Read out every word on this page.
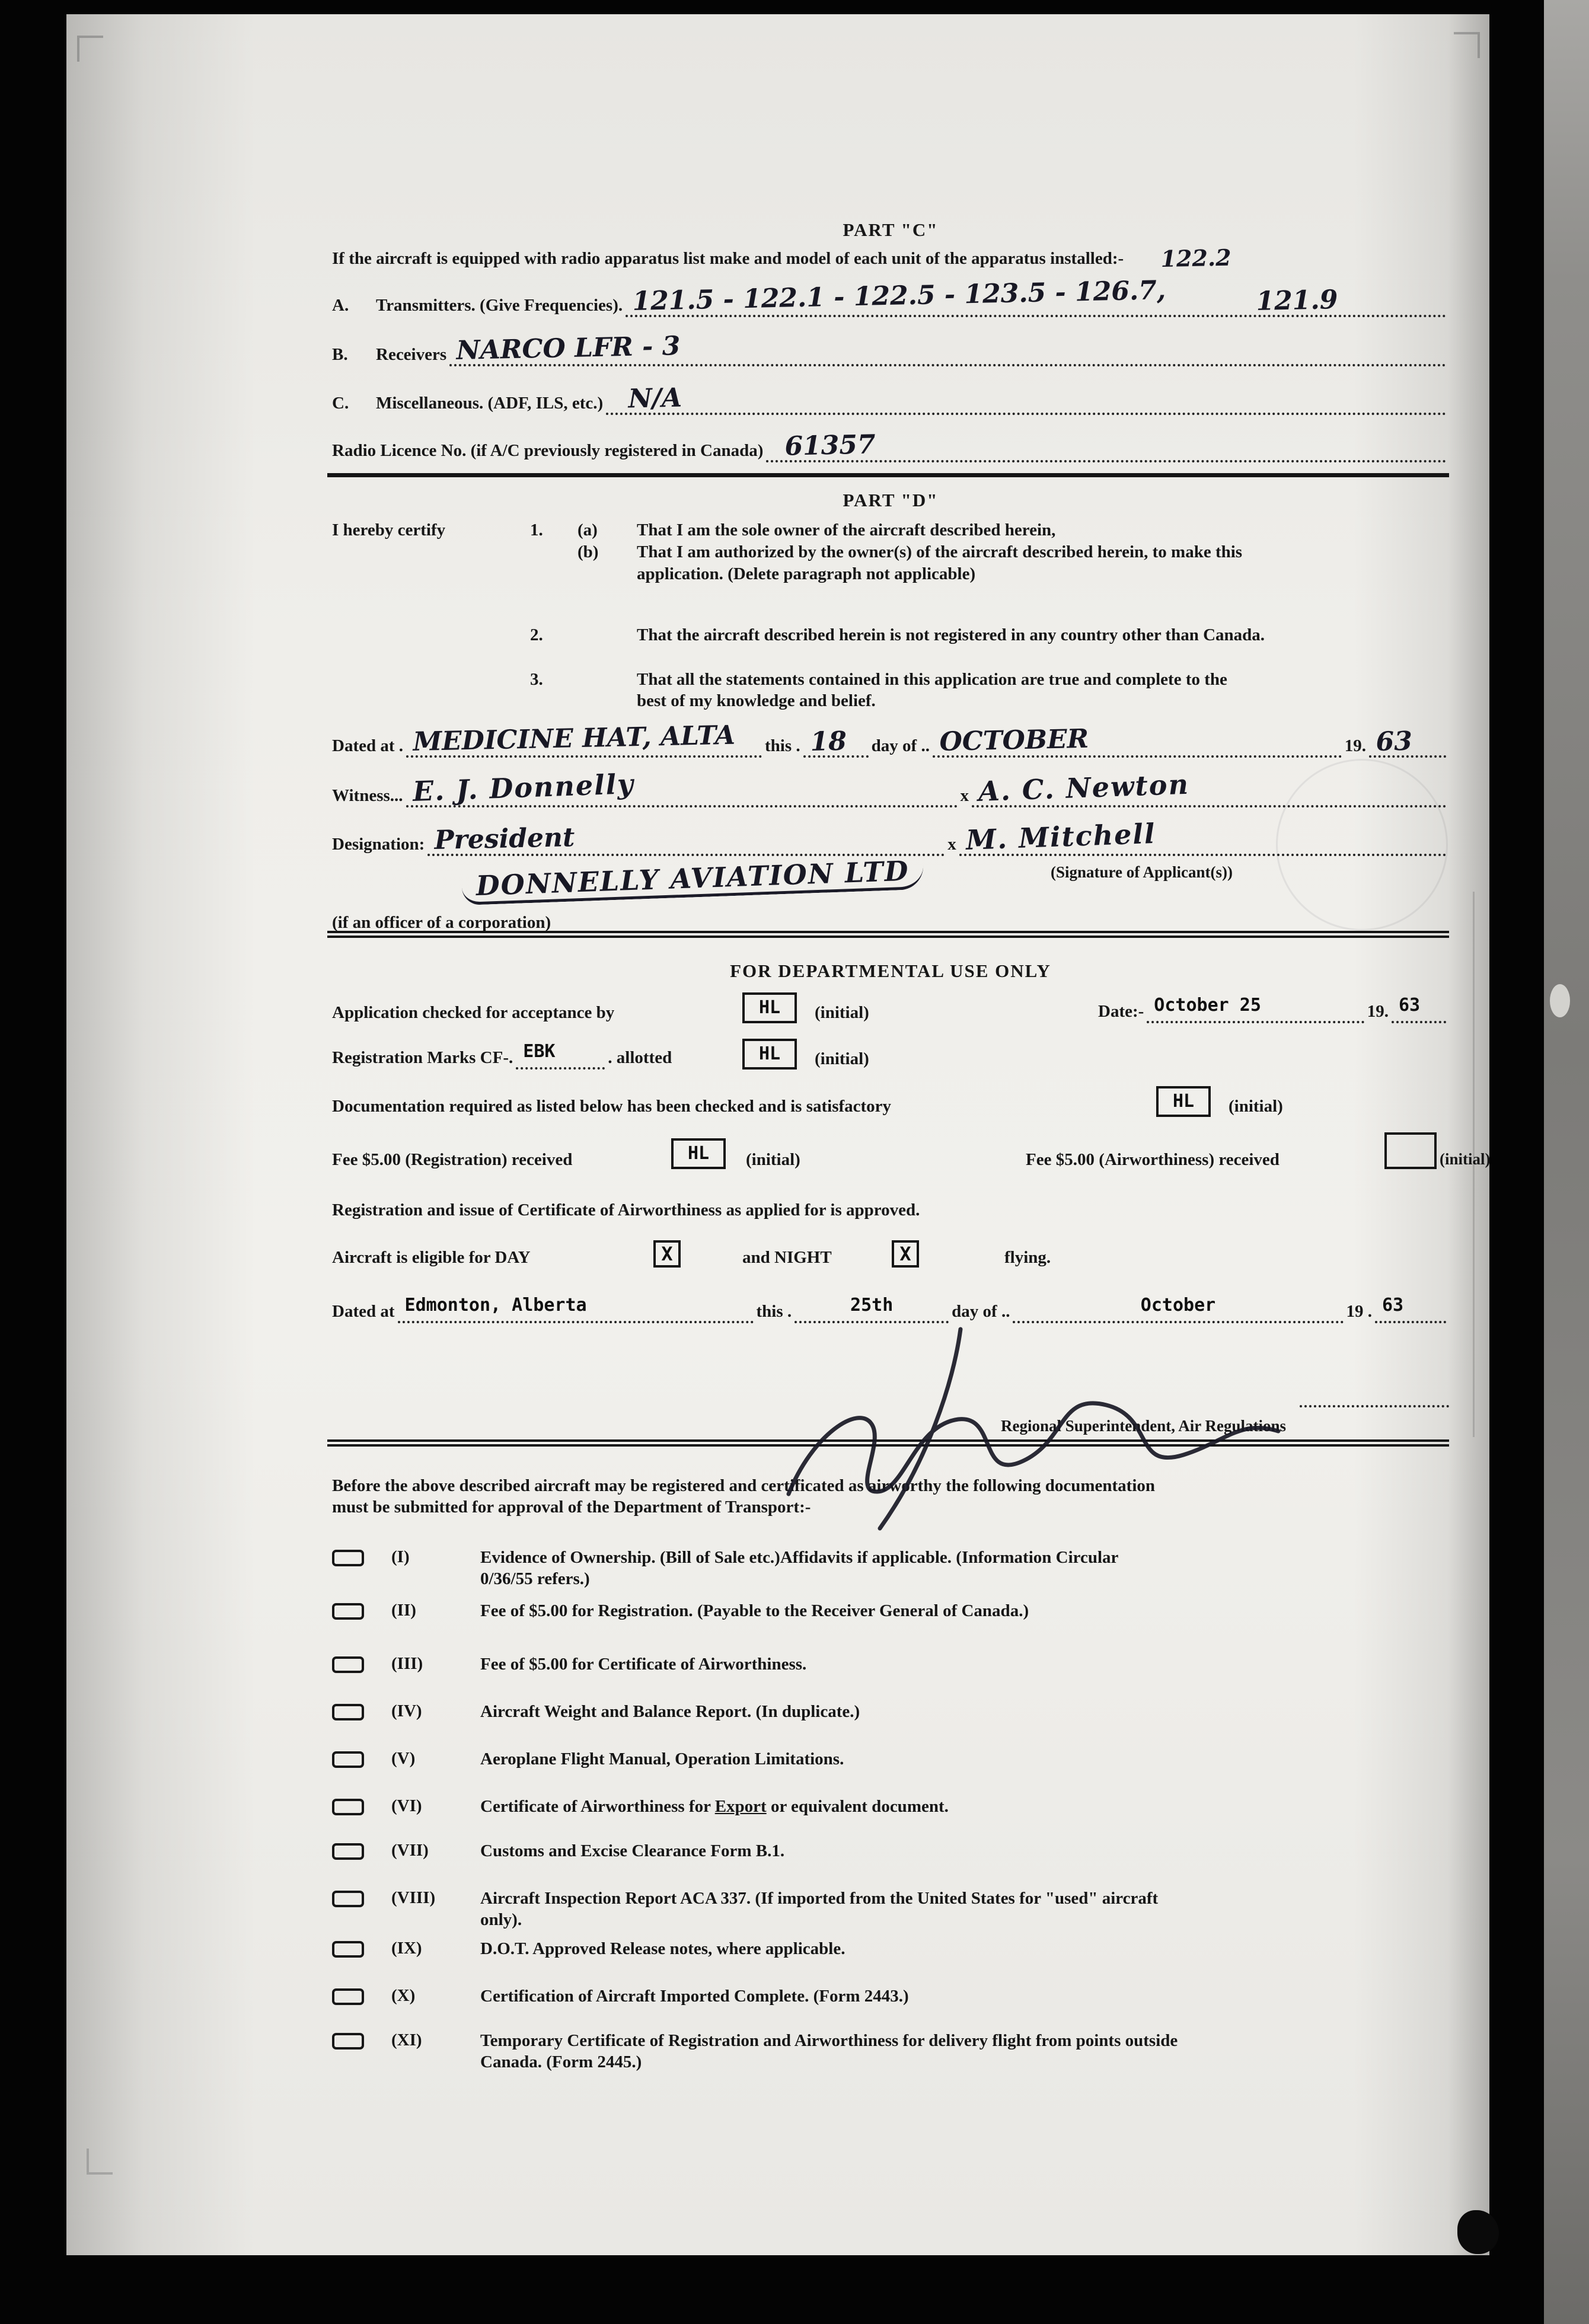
PART "C"
If the aircraft is equipped with radio apparatus list make and model of each unit of the apparatus installed:- 122.2
A.	Transmitters. (Give Frequencies). 121.5 - 122.1 - 122.5 - 123.5 - 126.7,	121.9
B.	Receivers NARCO LFR - 3
C.	Miscellaneous. (ADF, ILS, etc.) N/A
Radio Licence No. (if A/C previously registered in Canada) 61357
PART "D"
I hereby certify	1. (a) That I am the sole owner of the aircraft described herein,
(b) That I am authorized by the owner(s) of the aircraft described herein, to make this
application. (Delete paragraph not applicable)
2.	That the aircraft described herein is not registered in any country other than Canada.
3.	That all the statements contained in this application are true and complete to the
best of my knowledge and belief.
Dated at . MEDICINE HAT, ALTA this . 18 day of .. OCTOBER	19. 63
Witness... E. J. Donnelly	x A. C. Newton
Designation: President	x M. Mitchell
(Signature of Applicant(s))
DONNELLY AVIATION LTD
(if an officer of a corporation)
FOR DEPARTMENTAL USE ONLY
Application checked for acceptance by	HL	(initial)	Date:- October 25	19. 63
Registration Marks CF-. EBK	. allotted	HL	(initial)
Documentation required as listed below has been checked and is satisfactory	HL	(initial)
Fee $5.00 (Registration) received	HL	(initial)	Fee $5.00 (Airworthiness) received	(initial)
Registration and issue of Certificate of Airworthiness as applied for is approved.
Aircraft is eligible for DAY	X	and NIGHT	X	flying.
Dated at Edmonton, Alberta	this .	25th	day of ..	October	19 . 63
Regional Superintendent, Air Regulations
Before the above described aircraft may be registered and certificated as airworthy the following documentation
must be submitted for approval of the Department of Transport:-
(I)	Evidence of Ownership. (Bill of Sale etc.)Affidavits if applicable. (Information Circular
0/36/55 refers.)
(II)	Fee of $5.00 for Registration. (Payable to the Receiver General of Canada.)
(III)	Fee of $5.00 for Certificate of Airworthiness.
(IV)	Aircraft Weight and Balance Report. (In duplicate.)
(V)	Aeroplane Flight Manual, Operation Limitations.
(VI)	Certificate of Airworthiness for Export or equivalent document.
(VII)	Customs and Excise Clearance Form B.1.
(VIII)	Aircraft Inspection Report ACA 337. (If imported from the United States for "used" aircraft
only).
(IX)	D.O.T. Approved Release notes, where applicable.
(X)	Certification of Aircraft Imported Complete. (Form 2443.)
(XI)	Temporary Certificate of Registration and Airworthiness for delivery flight from points outside
Canada. (Form 2445.)
